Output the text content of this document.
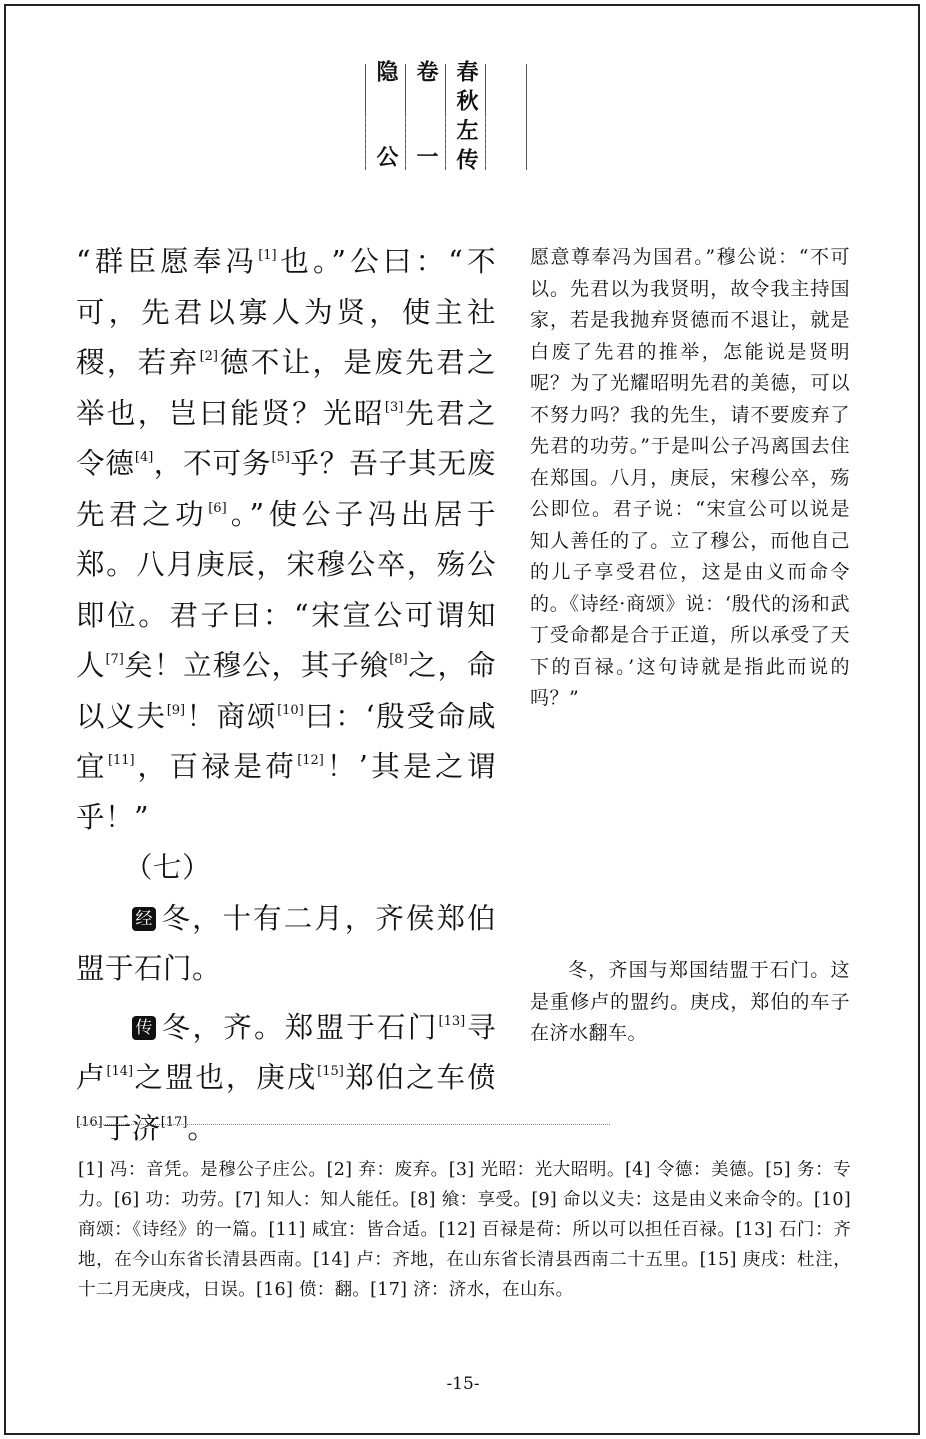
隐 卷 春秋左传
公 一

“群臣愿奉冯[1]也。”公曰：“不可，先君以寡人为贤，使主社稷，若弃[2]德不让，是废先君之举也，岂曰能贤？光昭[3]先君之令德[4]，不可务[5]乎？吾子其无废先君之功[6]。”使公子冯出居于郑。八月庚辰，宋穆公卒，殇公即位。君子曰：“宋宣公可谓知人[7]矣！立穆公，其子飨[8]之，命以义夫[9]！商颂[10]曰：‘殷受命咸宜[11]，百禄是荷[12]！’其是之谓乎！”

（七）

经 冬，十有二月，齐侯郑伯盟于石门。

传 冬，齐。郑盟于石门[13]寻卢[14]之盟也，庚戌[15]郑伯之车偾[16]于济[17]。

愿意尊奉冯为国君。”穆公说：“不可以。先君以为我贤明，故令我主持国家，若是我抛弃贤德而不退让，就是白废了先君的推举，怎能说是贤明呢？为了光耀昭明先君的美德，可以不努力吗？我的先生，请不要废弃了先君的功劳。”于是叫公子冯离国去住在郑国。八月，庚辰，宋穆公卒，殇公即位。君子说：“宋宣公可以说是知人善任的了。立了穆公，而他自己的儿子享受君位，这是由义而命令的。《诗经·商颂》说：‘殷代的汤和武丁受命都是合于正道，所以承受了天下的百禄。’这句诗就是指此而说的吗？”

冬，齐国与郑国结盟于石门。这是重修卢的盟约。庚戌，郑伯的车子在济水翻车。

[1] 冯：音凭。是穆公子庄公。[2] 弃：废弃。[3] 光昭：光大昭明。[4] 令德：美德。[5] 务：专力。[6] 功：功劳。[7] 知人：知人能任。[8] 飨：享受。[9] 命以义夫：这是由义来命令的。[10] 商颂：《诗经》的一篇。[11] 咸宜：皆合适。[12] 百禄是荷：所以可以担任百禄。[13] 石门：齐地，在今山东省长清县西南。[14] 卢：齐地，在山东省长清县西南二十五里。[15] 庚戌：杜注，十二月无庚戌，日误。[16] 偾：翻。[17] 济：济水，在山东。
-15-
